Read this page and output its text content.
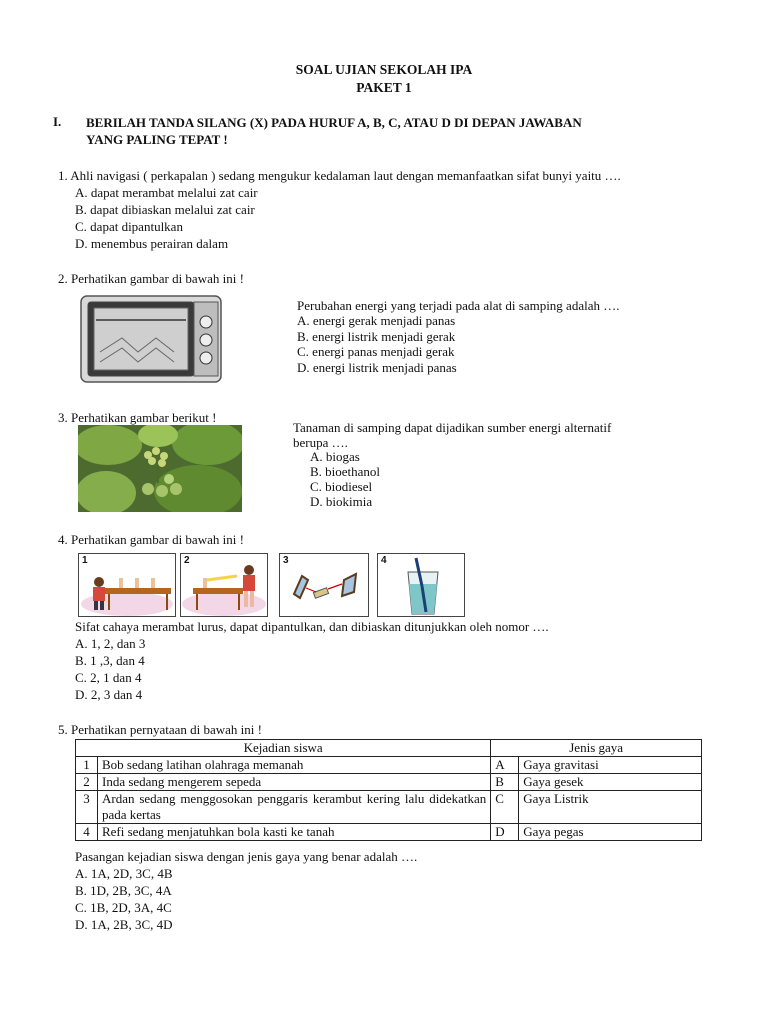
SOAL UJIAN SEKOLAH IPA
PAKET 1
I. BERILAH TANDA SILANG (X) PADA HURUF A, B, C, ATAU D DI DEPAN JAWABAN
YANG PALING TEPAT !
1. Ahli navigasi ( perkapalan ) sedang mengukur kedalaman laut dengan memanfaatkan sifat bunyi yaitu ….
A. dapat merambat melalui zat cair
B. dapat dibiaskan melalui zat cair
C. dapat dipantulkan
D. menembus perairan dalam
2. Perhatikan gambar di bawah ini !
Perubahan energi yang terjadi pada alat di samping adalah ….
A. energi gerak menjadi panas
B. energi listrik menjadi gerak
C. energi panas menjadi gerak
D. energi listrik menjadi panas
3. Perhatikan gambar berikut !
Tanaman di samping dapat dijadikan sumber energi alternatif
berupa ….
A. biogas
B. bioethanol
C. biodiesel
D. biokimia
4. Perhatikan gambar di bawah ini !
1	2	3	4
Sifat cahaya merambat lurus, dapat dipantulkan, dan dibiaskan ditunjukkan oleh nomor ….
A. 1, 2, dan 3
B. 1 ,3, dan 4
C. 2, 1 dan 4
D. 2, 3 dan 4
5. Perhatikan pernyataan di bawah ini !
Kejadian siswa		Jenis gaya	
1	Bob sedang latihan olahraga memanah	A	Gaya gravitasi
2	Inda sedang mengerem sepeda	B	Gaya gesek
3	Ardan sedang menggosokan penggaris kerambut kering lalu didekatkan pada kertas	C	Gaya Listrik
4	Refi sedang menjatuhkan bola kasti ke tanah	D	Gaya pegas
Pasangan kejadian siswa dengan jenis gaya yang benar adalah ….
A. 1A, 2D, 3C, 4B
B. 1D, 2B, 3C, 4A
C. 1B, 2D, 3A, 4C
D. 1A, 2B, 3C, 4D
